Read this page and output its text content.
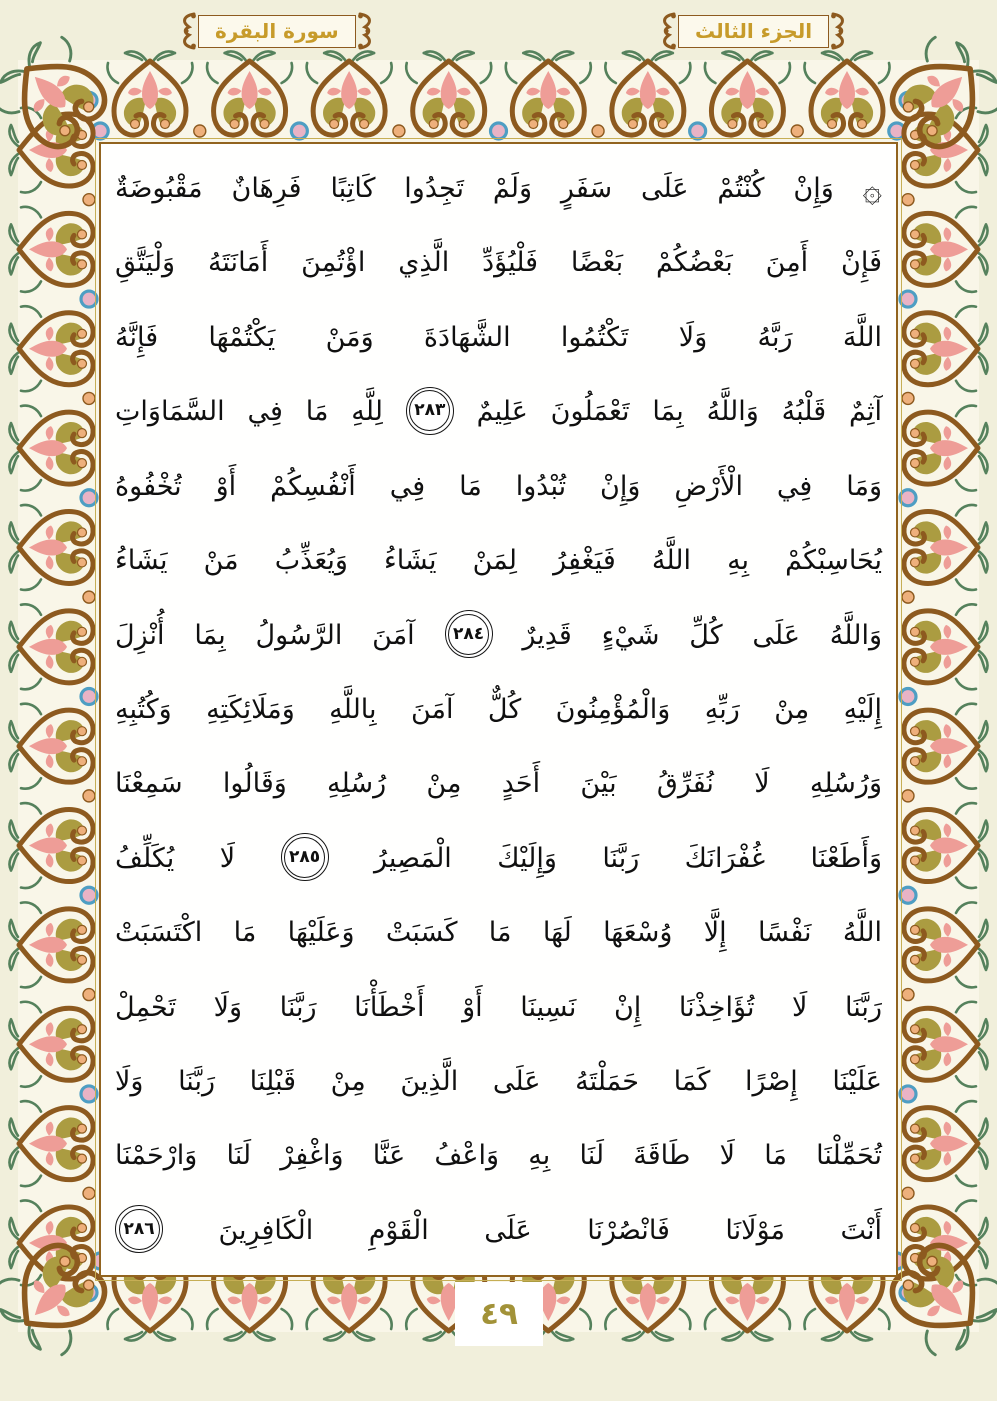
سورة البقرة	الجزء الثالث
۞ وَإِنْ كُنْتُمْ عَلَى سَفَرٍ وَلَمْ تَجِدُوا كَاتِبًا فَرِهَانٌ مَقْبُوضَةٌ
فَإِنْ أَمِنَ بَعْضُكُمْ بَعْضًا فَلْيُؤَدِّ الَّذِي اؤْتُمِنَ أَمَانَتَهُ وَلْيَتَّقِ
اللَّهَ رَبَّهُ وَلَا تَكْتُمُوا الشَّهَادَةَ وَمَنْ يَكْتُمْهَا فَإِنَّهُ
آثِمٌ قَلْبُهُ وَاللَّهُ بِمَا تَعْمَلُونَ عَلِيمٌ ٢٨٣ لِلَّهِ مَا فِي السَّمَاوَاتِ
وَمَا فِي الْأَرْضِ وَإِنْ تُبْدُوا مَا فِي أَنْفُسِكُمْ أَوْ تُخْفُوهُ
يُحَاسِبْكُمْ بِهِ اللَّهُ فَيَغْفِرُ لِمَنْ يَشَاءُ وَيُعَذِّبُ مَنْ يَشَاءُ
وَاللَّهُ عَلَى كُلِّ شَيْءٍ قَدِيرٌ ٢٨٤ آمَنَ الرَّسُولُ بِمَا أُنْزِلَ
إِلَيْهِ مِنْ رَبِّهِ وَالْمُؤْمِنُونَ كُلٌّ آمَنَ بِاللَّهِ وَمَلَائِكَتِهِ وَكُتُبِهِ
وَرُسُلِهِ لَا نُفَرِّقُ بَيْنَ أَحَدٍ مِنْ رُسُلِهِ وَقَالُوا سَمِعْنَا
وَأَطَعْنَا غُفْرَانَكَ رَبَّنَا وَإِلَيْكَ الْمَصِيرُ ٢٨٥ لَا يُكَلِّفُ
اللَّهُ نَفْسًا إِلَّا وُسْعَهَا لَهَا مَا كَسَبَتْ وَعَلَيْهَا مَا اكْتَسَبَتْ
رَبَّنَا لَا تُؤَاخِذْنَا إِنْ نَسِينَا أَوْ أَخْطَأْنَا رَبَّنَا وَلَا تَحْمِلْ
عَلَيْنَا إِصْرًا كَمَا حَمَلْتَهُ عَلَى الَّذِينَ مِنْ قَبْلِنَا رَبَّنَا وَلَا
تُحَمِّلْنَا مَا لَا طَاقَةَ لَنَا بِهِ وَاعْفُ عَنَّا وَاغْفِرْ لَنَا وَارْحَمْنَا
أَنْتَ مَوْلَانَا فَانْصُرْنَا عَلَى الْقَوْمِ الْكَافِرِينَ ٢٨٦
٤٩
